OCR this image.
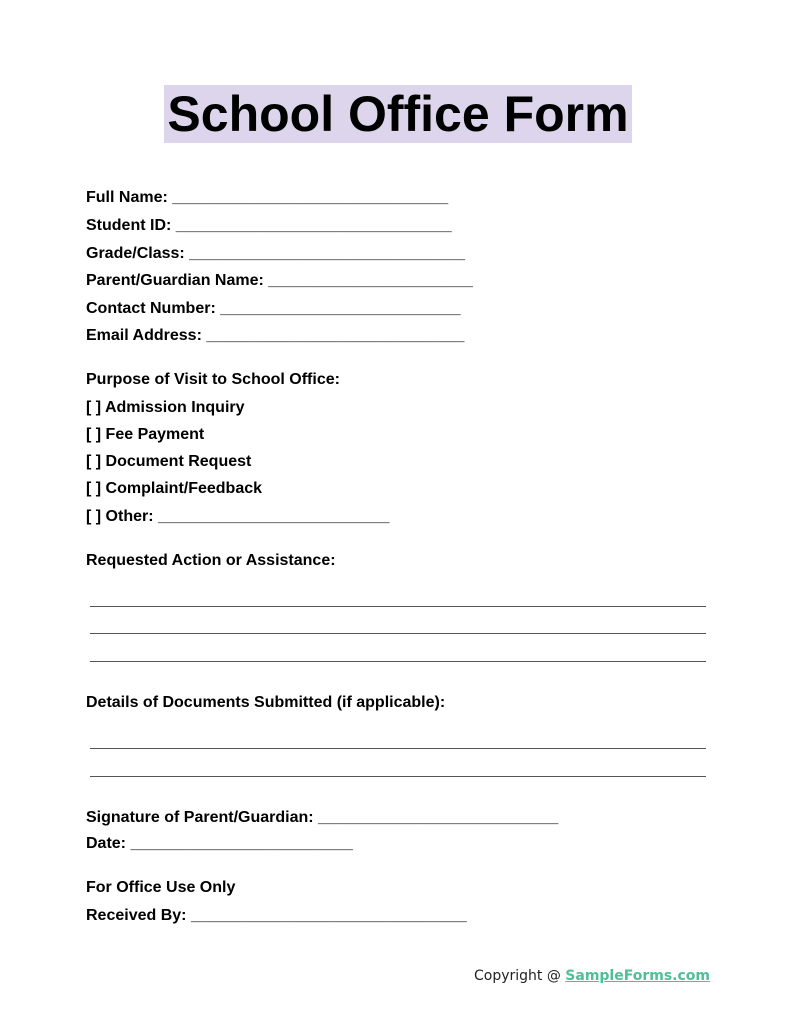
School Office Form
Full Name: _______________________________
Student ID: _______________________________
Grade/Class: _______________________________
Parent/Guardian Name: _______________________
Contact Number: ___________________________
Email Address: _____________________________
Purpose of Visit to School Office:
[ ] Admission Inquiry
[ ] Fee Payment
[ ] Document Request
[ ] Complaint/Feedback
[ ] Other: __________________________
Requested Action or Assistance:
Details of Documents Submitted (if applicable):
Signature of Parent/Guardian: ___________________________
Date: _________________________
For Office Use Only
Received By: _______________________________
Copyright @ SampleForms.com
